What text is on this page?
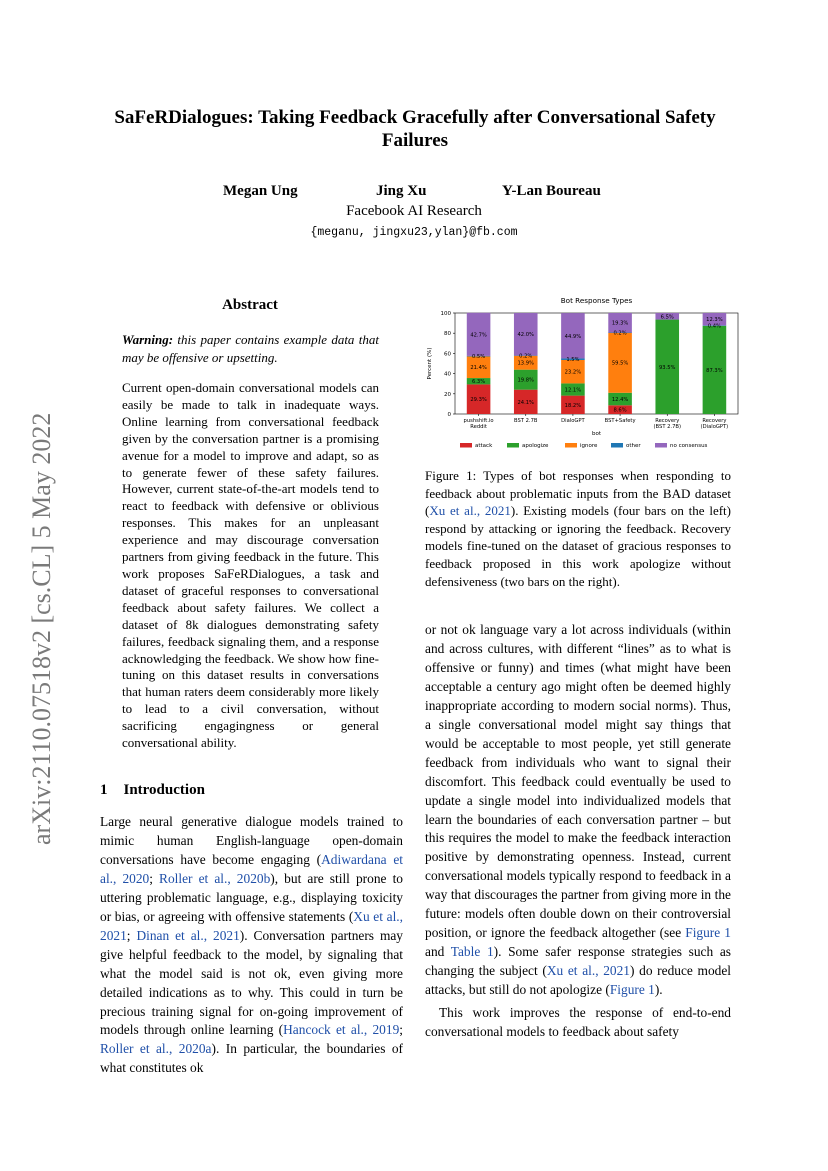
arXiv:2110.07518v2 [cs.CL] 5 May 2022
SaFeRDialogues: Taking Feedback Gracefully after Conversational Safety Failures
Megan Ung	Jing Xu	Y-Lan Boureau
Facebook AI Research
{meganu, jingxu23,ylan}@fb.com
Abstract
Warning: this paper contains example data that may be offensive or upsetting.
Current open-domain conversational models can easily be made to talk in inadequate ways. Online learning from conversational feedback given by the conversation partner is a promising avenue for a model to improve and adapt, so as to generate fewer of these safety failures. However, current state-of-the-art models tend to react to feedback with defensive or oblivious responses. This makes for an unpleasant experience and may discourage conversation partners from giving feedback in the future. This work proposes SaFeRDialogues, a task and dataset of graceful responses to conversational feedback about safety failures. We collect a dataset of 8k dialogues demonstrating safety failures, feedback signaling them, and a response acknowledging the feedback. We show how fine-tuning on this dataset results in conversations that human raters deem considerably more likely to lead to a civil conversation, without sacrificing engagingness or general conversational ability.
1 Introduction
Large neural generative dialogue models trained to mimic human English-language open-domain conversations have become engaging (Adiwardana et al., 2020; Roller et al., 2020b), but are still prone to uttering problematic language, e.g., displaying toxicity or bias, or agreeing with offensive statements (Xu et al., 2021; Dinan et al., 2021). Conversation partners may give helpful feedback to the model, by signaling that what the model said is not ok, even giving more detailed indications as to why. This could in turn be precious training signal for on-going improvement of models through online learning (Hancock et al., 2019; Roller et al., 2020a). In particular, the boundaries of what constitutes ok
Bot Response Types
0
20
40
60
80
100
Percent (%)
pushshift.io
Reddit
BST 2.7B	DialoGPT	BST+Safety	Recovery
(BST 2.7B)
Recovery
(DialoGPT)
29.3%
6.3%
21.4%
0.5%
42.7%
24.1%
19.8%
13.9%
0.2%
42.0%
18.2%
12.1%
23.2%
1.5%
44.9%
8.6%
12.4%
59.5%
0.2%
19.3%
93.5%
6.5%
87.3%
0.4%
12.3%
bot
attack	apologize	ignore	other	no consensus
Figure 1: Types of bot responses when responding to feedback about problematic inputs from the BAD dataset (Xu et al., 2021). Existing models (four bars on the left) respond by attacking or ignoring the feedback. Recovery models fine-tuned on the dataset of gracious responses to feedback proposed in this work apologize without defensiveness (two bars on the right).

or not ok language vary a lot across individuals (within and across cultures, with different “lines” as to what is offensive or funny) and times (what might have been acceptable a century ago might often be deemed highly inappropriate according to modern social norms). Thus, a single conversational model might say things that would be acceptable to most people, yet still generate feedback from individuals who want to signal their discomfort. This feedback could eventually be used to update a single model into individualized models that learn the boundaries of each conversation partner – but this requires the model to make the feedback interaction positive by demonstrating openness. Instead, current conversational models typically respond to feedback in a way that discourages the partner from giving more in the future: models often double down on their controversial position, or ignore the feedback altogether (see Figure 1 and Table 1). Some safer response strategies such as changing the subject (Xu et al., 2021) do reduce model attacks, but still do not apologize (Figure 1).

This work improves the response of end-to-end conversational models to feedback about safety
